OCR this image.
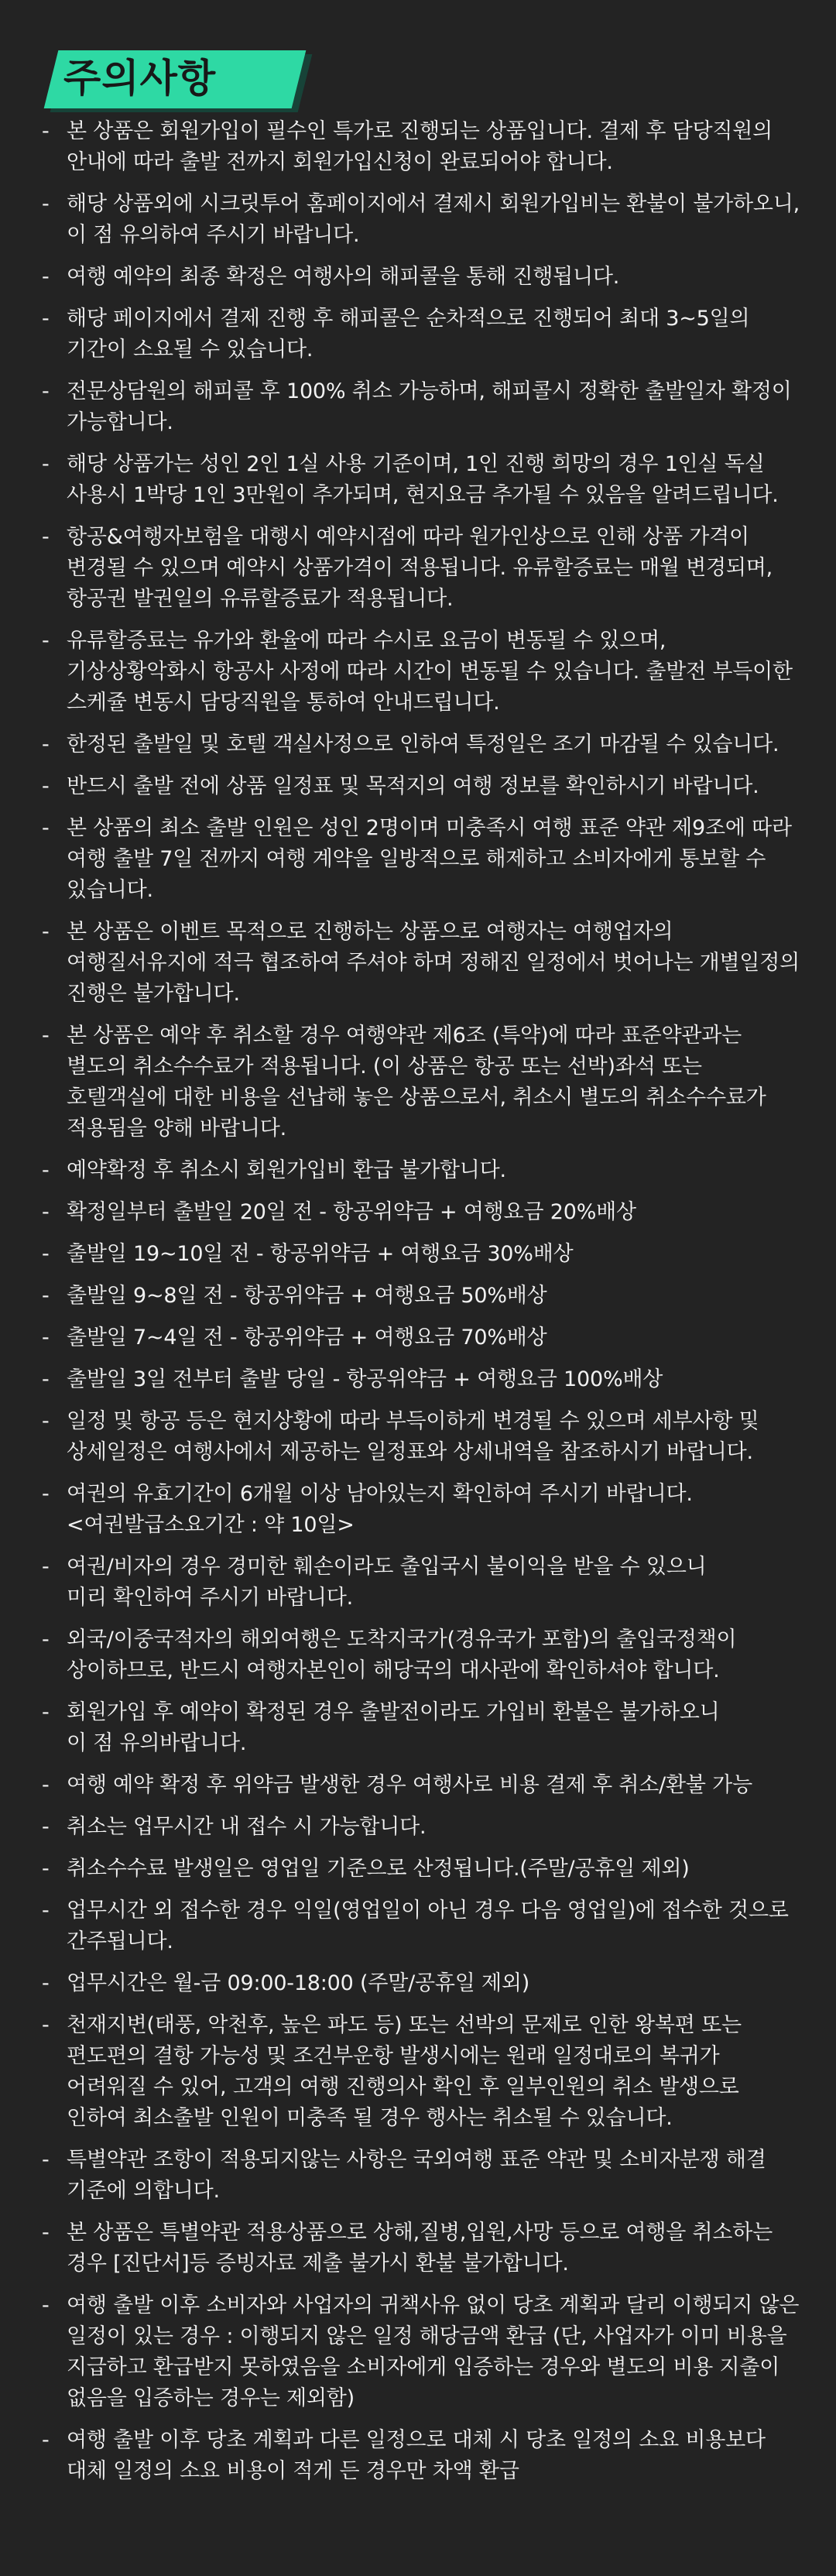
주의사항
- 본 상품은 회원가입이 필수인 특가로 진행되는 상품입니다. 결제 후 담당직원의 안내에 따라 출발 전까지 회원가입신청이 완료되어야 합니다.
- 해당 상품외에 시크릿투어 홈페이지에서 결제시 회원가입비는 환불이 불가하오니, 이 점 유의하여 주시기 바랍니다.
- 여행 예약의 최종 확정은 여행사의 해피콜을 통해 진행됩니다.
- 해당 페이지에서 결제 진행 후 해피콜은 순차적으로 진행되어 최대 3~5일의 기간이 소요될 수 있습니다.
- 전문상담원의 해피콜 후 100% 취소 가능하며, 해피콜시 정확한 출발일자 확정이 가능합니다.
- 해당 상품가는 성인 2인 1실 사용 기준이며, 1인 진행 희망의 경우 1인실 독실 사용시 1박당 1인 3만원이 추가되며, 현지요금 추가될 수 있음을 알려드립니다.
- 항공&여행자보험을 대행시 예약시점에 따라 원가인상으로 인해 상품 가격이 변경될 수 있으며 예약시 상품가격이 적용됩니다. 유류할증료는 매월 변경되며, 항공권 발권일의 유류할증료가 적용됩니다.
- 유류할증료는 유가와 환율에 따라 수시로 요금이 변동될 수 있으며, 기상상황악화시 항공사 사정에 따라 시간이 변동될 수 있습니다. 출발전 부득이한 스케쥴 변동시 담당직원을 통하여 안내드립니다.
- 한정된 출발일 및 호텔 객실사정으로 인하여 특정일은 조기 마감될 수 있습니다.
- 반드시 출발 전에 상품 일정표 및 목적지의 여행 정보를 확인하시기 바랍니다.
- 본 상품의 최소 출발 인원은 성인 2명이며 미충족시 여행 표준 약관 제9조에 따라 여행 출발 7일 전까지 여행 계약을 일방적으로 해제하고 소비자에게 통보할 수 있습니다.
- 본 상품은 이벤트 목적으로 진행하는 상품으로 여행자는 여행업자의 여행질서유지에 적극 협조하여 주셔야 하며 정해진 일정에서 벗어나는 개별일정의 진행은 불가합니다.
- 본 상품은 예약 후 취소할 경우 여행약관 제6조 (특약)에 따라 표준약관과는 별도의 취소수수료가 적용됩니다. (이 상품은 항공 또는 선박)좌석 또는 호텔객실에 대한 비용을 선납해 놓은 상품으로서, 취소시 별도의 취소수수료가 적용됨을 양해 바랍니다.
- 예약확정 후 취소시 회원가입비 환급 불가합니다.
- 확정일부터 출발일 20일 전 - 항공위약금 + 여행요금 20%배상
- 출발일 19~10일 전 - 항공위약금 + 여행요금 30%배상
- 출발일 9~8일 전 - 항공위약금 + 여행요금 50%배상
- 출발일 7~4일 전 - 항공위약금 + 여행요금 70%배상
- 출발일 3일 전부터 출발 당일 - 항공위약금 + 여행요금 100%배상
- 일정 및 항공 등은 현지상황에 따라 부득이하게 변경될 수 있으며 세부사항 및 상세일정은 여행사에서 제공하는 일정표와 상세내역을 참조하시기 바랍니다.
- 여권의 유효기간이 6개월 이상 남아있는지 확인하여 주시기 바랍니다.
<여권발급소요기간 : 약 10일>
- 여권/비자의 경우 경미한 훼손이라도 출입국시 불이익을 받을 수 있으니
미리 확인하여 주시기 바랍니다.
- 외국/이중국적자의 해외여행은 도착지국가(경유국가 포함)의 출입국정책이 상이하므로, 반드시 여행자본인이 해당국의 대사관에 확인하셔야 합니다.
- 회원가입 후 예약이 확정된 경우 출발전이라도 가입비 환불은 불가하오니
이 점 유의바랍니다.
- 여행 예약 확정 후 위약금 발생한 경우 여행사로 비용 결제 후 취소/환불 가능
- 취소는 업무시간 내 접수 시 가능합니다.
- 취소수수료 발생일은 영업일 기준으로 산정됩니다.(주말/공휴일 제외)
- 업무시간 외 접수한 경우 익일(영업일이 아닌 경우 다음 영업일)에 접수한 것으로 간주됩니다.
- 업무시간은 월-금 09:00-18:00 (주말/공휴일 제외)
- 천재지변(태풍, 악천후, 높은 파도 등) 또는 선박의 문제로 인한 왕복편 또는 편도편의 결항 가능성 및 조건부운항 발생시에는 원래 일정대로의 복귀가 어려워질 수 있어, 고객의 여행 진행의사 확인 후 일부인원의 취소 발생으로 인하여 최소출발 인원이 미충족 될 경우 행사는 취소될 수 있습니다.
- 특별약관 조항이 적용되지않는 사항은 국외여행 표준 약관 및 소비자분쟁 해결 기준에 의합니다.
- 본 상품은 특별약관 적용상품으로 상해,질병,입원,사망 등으로 여행을 취소하는 경우 [진단서]등 증빙자료 제출 불가시 환불 불가합니다.
- 여행 출발 이후 소비자와 사업자의 귀책사유 없이 당초 계획과 달리 이행되지 않은 일정이 있는 경우 : 이행되지 않은 일정 해당금액 환급 (단, 사업자가 이미 비용을 지급하고 환급받지 못하였음을 소비자에게 입증하는 경우와 별도의 비용 지출이 없음을 입증하는 경우는 제외함)
- 여행 출발 이후 당초 계획과 다른 일정으로 대체 시 당초 일정의 소요 비용보다 대체 일정의 소요 비용이 적게 든 경우만 차액 환급
